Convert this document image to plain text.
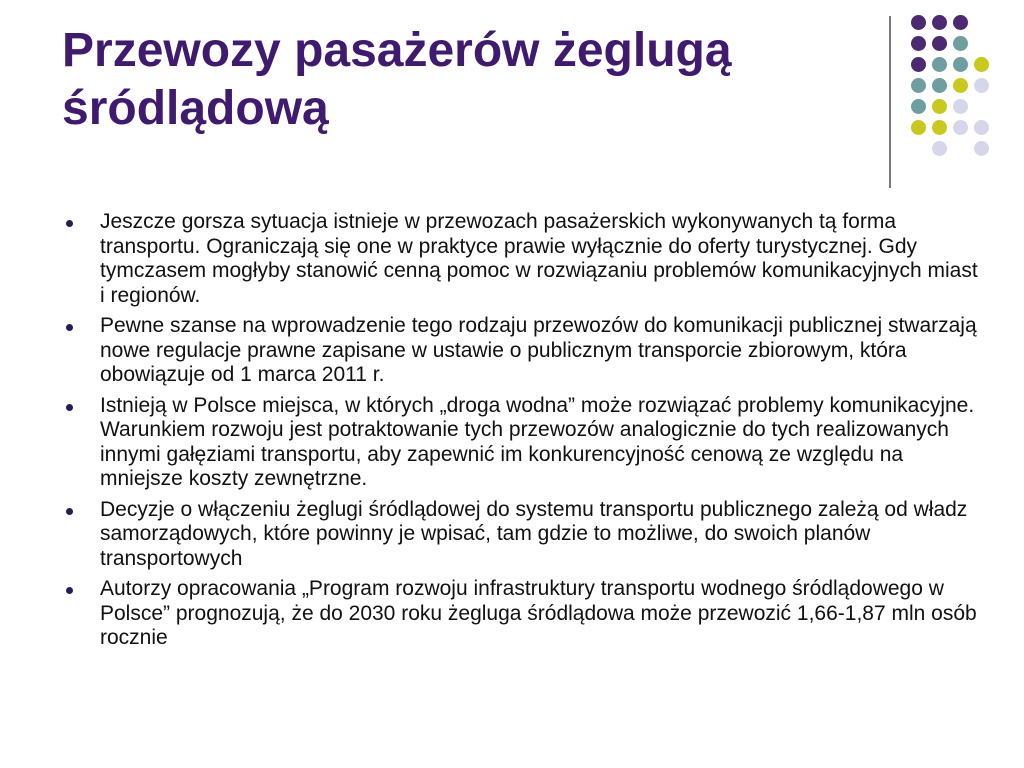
Przewozy pasażerów żeglugą
śródlądową
Jeszcze gorsza sytuacja istnieje w przewozach pasażerskich wykonywanych tą forma transportu. Ograniczają się one w praktyce prawie wyłącznie do oferty turystycznej. Gdy tymczasem mogłyby stanowić cenną pomoc w rozwiązaniu problemów komunikacyjnych miast i regionów.
Pewne szanse na wprowadzenie tego rodzaju przewozów do komunikacji publicznej stwarzają nowe regulacje prawne zapisane w ustawie o publicznym transporcie zbiorowym, która obowiązuje od 1 marca 2011 r.
Istnieją w Polsce miejsca, w których „droga wodna” może rozwiązać problemy komunikacyjne. Warunkiem rozwoju jest potraktowanie tych przewozów analogicznie do tych realizowanych innymi gałęziami transportu, aby zapewnić im konkurencyjność cenową ze względu na mniejsze koszty zewnętrzne.
Decyzje o włączeniu żeglugi śródlądowej do systemu transportu publicznego zależą od władz samorządowych, które powinny je wpisać, tam gdzie to możliwe, do swoich planów transportowych
Autorzy opracowania „Program rozwoju infrastruktury transportu wodnego śródlądowego w Polsce” prognozują, że do 2030 roku żegluga śródlądowa może przewozić 1,66-1,87 mln osób rocznie
